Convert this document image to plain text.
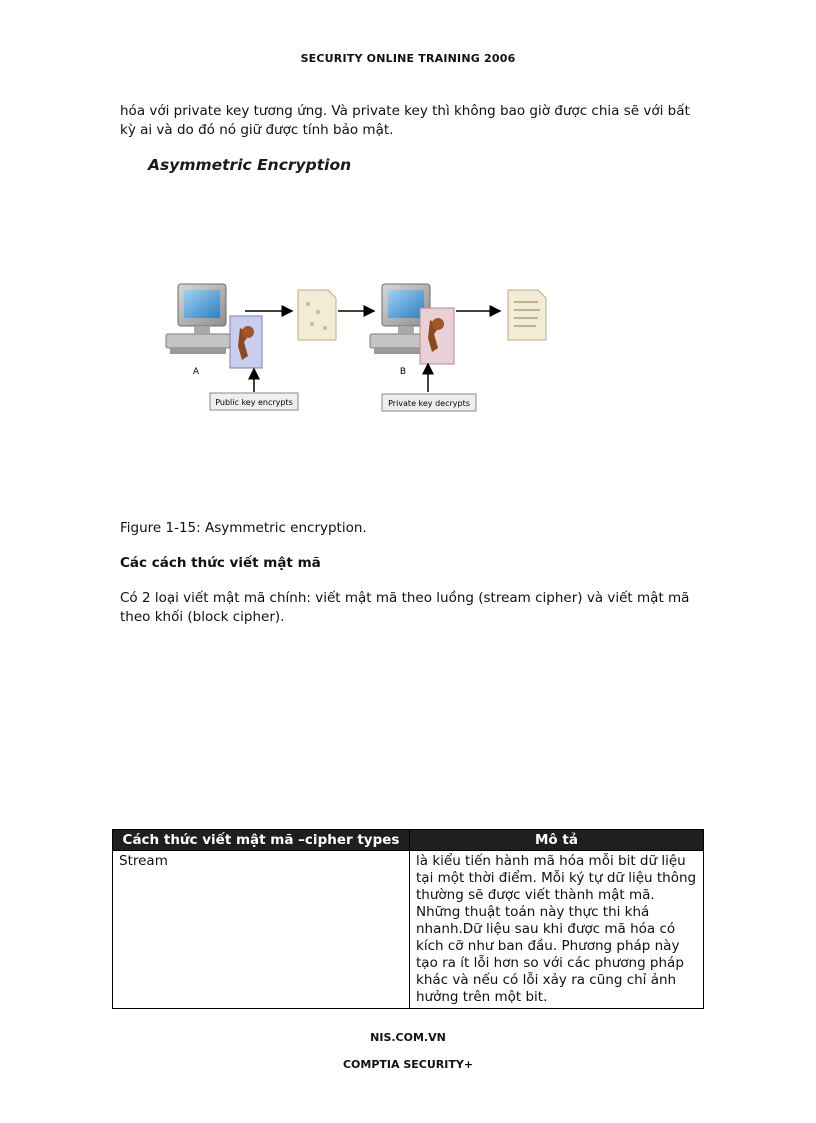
SECURITY ONLINE TRAINING 2006
hóa với private key tương ứng. Và private key thì không bao giờ được chia sẽ với bất kỳ ai và do đó nó giữ được tính bảo mật.
Public key encrypts	Private key decrypts
A	B
Asymmetric Encryption
Figure 1-15: Asymmetric encryption.
Các cách thức viết mật mã
Có 2 loại viết mật mã chính: viết mật mã theo luồng (stream cipher) và viết mật mã theo khối (block cipher).
Cách thức viết mật mã –cipher types	Mô tả
Stream	là kiểu tiến hành mã hóa mỗi bit dữ liệu tại một thời điểm. Mỗi ký tự dữ liệu thông thường sẽ được viết thành mật mã. Những thuật toán này thực thi khá nhanh.Dữ liệu sau khi được mã hóa có kích cỡ như ban đầu. Phương pháp này tạo ra ít lỗi hơn so với các phương pháp khác và nếu có lỗi xảy ra cũng chỉ ảnh hưởng trên một bit.
NIS.COM.VN
COMPTIA SECURITY+
